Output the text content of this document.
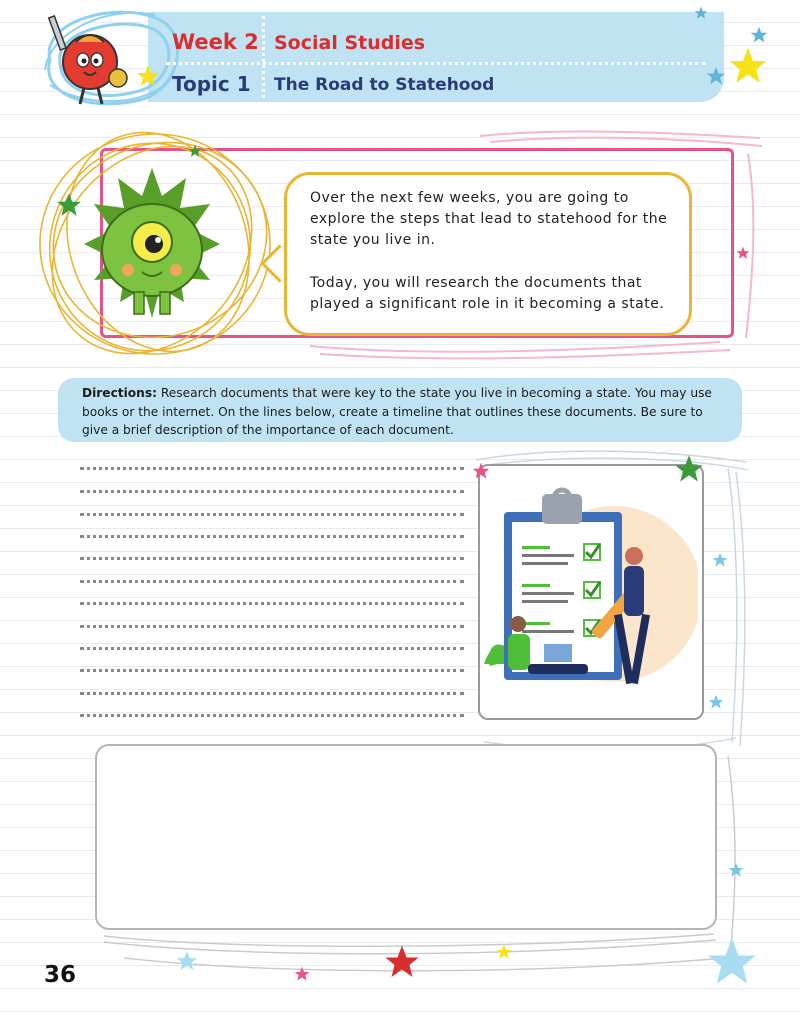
Week 2 Social Studies
Topic 1 The Road to Statehood

Over the next few weeks, you are going to explore the steps that lead to statehood for the state you live in.

Today, you will research the documents that played a significant role in it becoming a state.

Directions: Research documents that were key to the state you live in becoming a state. You may use books or the internet. On the lines below, create a timeline that outlines these documents. Be sure to give a brief description of the importance of each document.

36
